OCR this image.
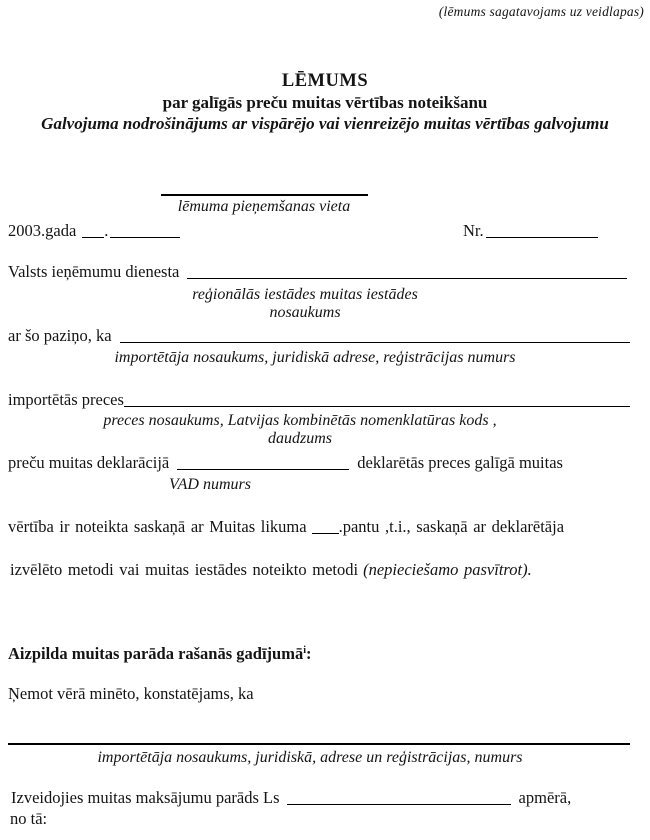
(lēmums sagatavojams uz veidlapas)
LĒMUMS
par galīgās preču muitas vērtības noteikšanu
Galvojuma nodrošinājums ar vispārējo vai vienreizējo muitas vērtības galvojumu
lēmuma pieņemšanas vieta
2003.gada .	Nr.
Valsts ieņēmumu dienesta
reģionālās iestādes muitas iestādes nosaukums
ar šo paziņo, ka
importētāja nosaukums, juridiskā adrese, reģistrācijas numurs
importētās preces
preces nosaukums, Latvijas kombinētās nomenklatūras kods , daudzums
preču muitas deklarācijā	deklarētās preces galīgā muitas
VAD numurs
vērtība ir noteikta saskaņā ar Muitas likuma .pantu ,t.i., saskaņā ar deklarētāja
izvēlēto metodi vai muitas iestādes noteikto metodi (nepieciešamo pasvītrot).
Aizpilda muitas parāda rašanās gadījumā$^i$:
Ņemot vērā minēto, konstatējams, ka
importētāja nosaukums, juridiskā, adrese un reģistrācijas, numurs
Izveidojies muitas maksājumu parāds Ls	apmērā,
no tā:
